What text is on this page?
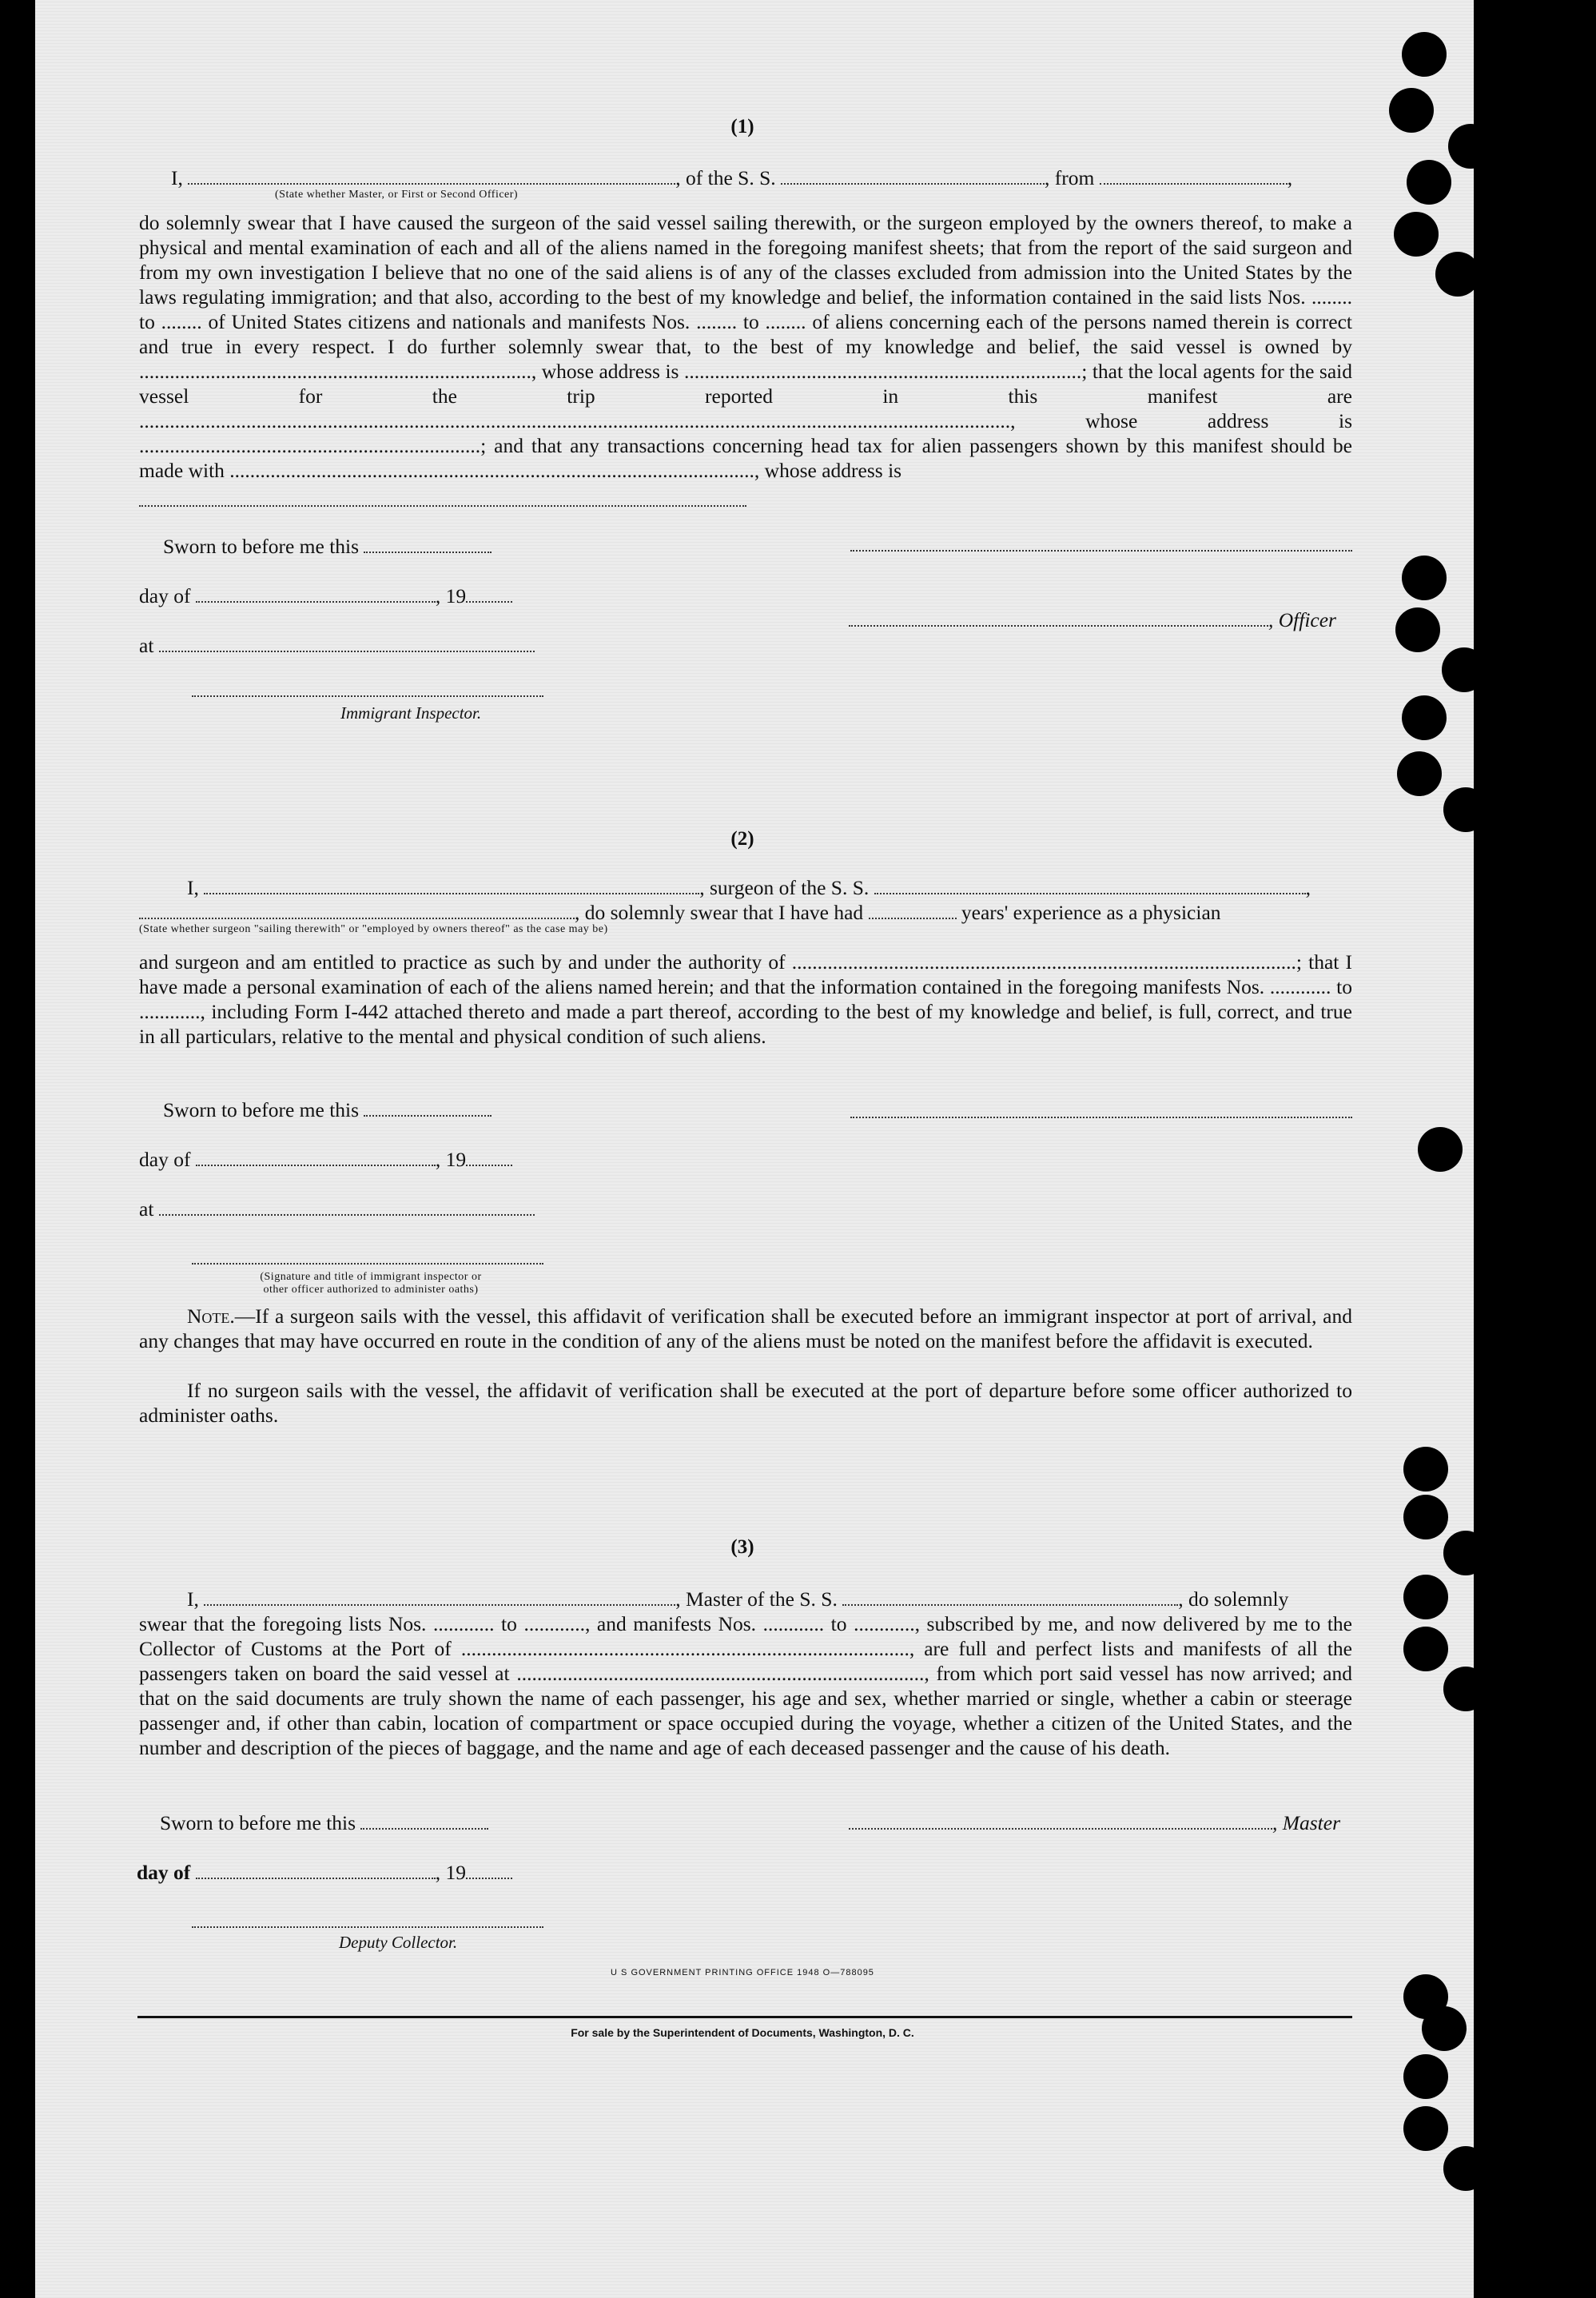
(1)
I,	, of the S. S.	, from	,
(State whether Master, or First or Second Officer)
do solemnly swear that I have caused the surgeon of the said vessel sailing therewith, or the surgeon employed by the owners thereof, to make a physical and mental examination of each and all of the aliens named in the foregoing manifest sheets; that from the report of the said surgeon and from my own investigation I believe that no one of the said aliens is of any of the classes excluded from admission into the United States by the laws regulating immigration; and that also, according to the best of my knowledge and belief, the information contained in the said lists Nos. ........ to ........ of United States citizens and nationals and manifests Nos. ........ to ........ of aliens concerning each of the persons named therein is correct and true in every respect. I do further solemnly swear that, to the best of my knowledge and belief, the said vessel is owned by ............................................................................., whose address is ..............................................................................; that the local agents for the said vessel for the trip reported in this manifest are ..........................................................................................................................................................................., whose address is ...................................................................; and that any transactions concerning head tax for alien passengers shown by this manifest should be made with ......................................................................................................., whose address is
Sworn to before me this
day of	, 19
, Officer
at
Immigrant Inspector.
(2)
I,	, surgeon of the S. S.	,
, do solemnly swear that I have had	years' experience as a physician
(State whether surgeon "sailing therewith" or "employed by owners thereof" as the case may be)
and surgeon and am entitled to practice as such by and under the authority of ...................................................................................................; that I have made a personal examination of each of the aliens named herein; and that the information contained in the foregoing manifests Nos. ............ to ............, including Form I-442 attached thereto and made a part thereof, according to the best of my knowledge and belief, is full, correct, and true in all particulars, relative to the mental and physical condition of such aliens.
Sworn to before me this
day of	, 19
at
(Signature and title of immigrant inspector or
other officer authorized to administer oaths)
Note.—If a surgeon sails with the vessel, this affidavit of verification shall be executed before an immigrant inspector at port of arrival, and any changes that may have occurred en route in the condition of any of the aliens must be noted on the manifest before the affidavit is executed.
If no surgeon sails with the vessel, the affidavit of verification shall be executed at the port of departure before some officer authorized to administer oaths.
(3)
I,	, Master of the S. S.	, do solemnly
swear that the foregoing lists Nos. ............ to ............, and manifests Nos. ............ to ............, subscribed by me, and now delivered by me to the Collector of Customs at the Port of ........................................................................................, are full and perfect lists and manifests of all the passengers taken on board the said vessel at ................................................................................, from which port said vessel has now arrived; and that on the said documents are truly shown the name of each passenger, his age and sex, whether married or single, whether a cabin or steerage passenger and, if other than cabin, location of compartment or space occupied during the voyage, whether a citizen of the United States, and the number and description of the pieces of baggage, and the name and age of each deceased passenger and the cause of his death.
Sworn to before me this	, Master
day of	, 19
Deputy Collector.
U S GOVERNMENT PRINTING OFFICE 1948 O—788095
For sale by the Superintendent of Documents, Washington, D. C.
